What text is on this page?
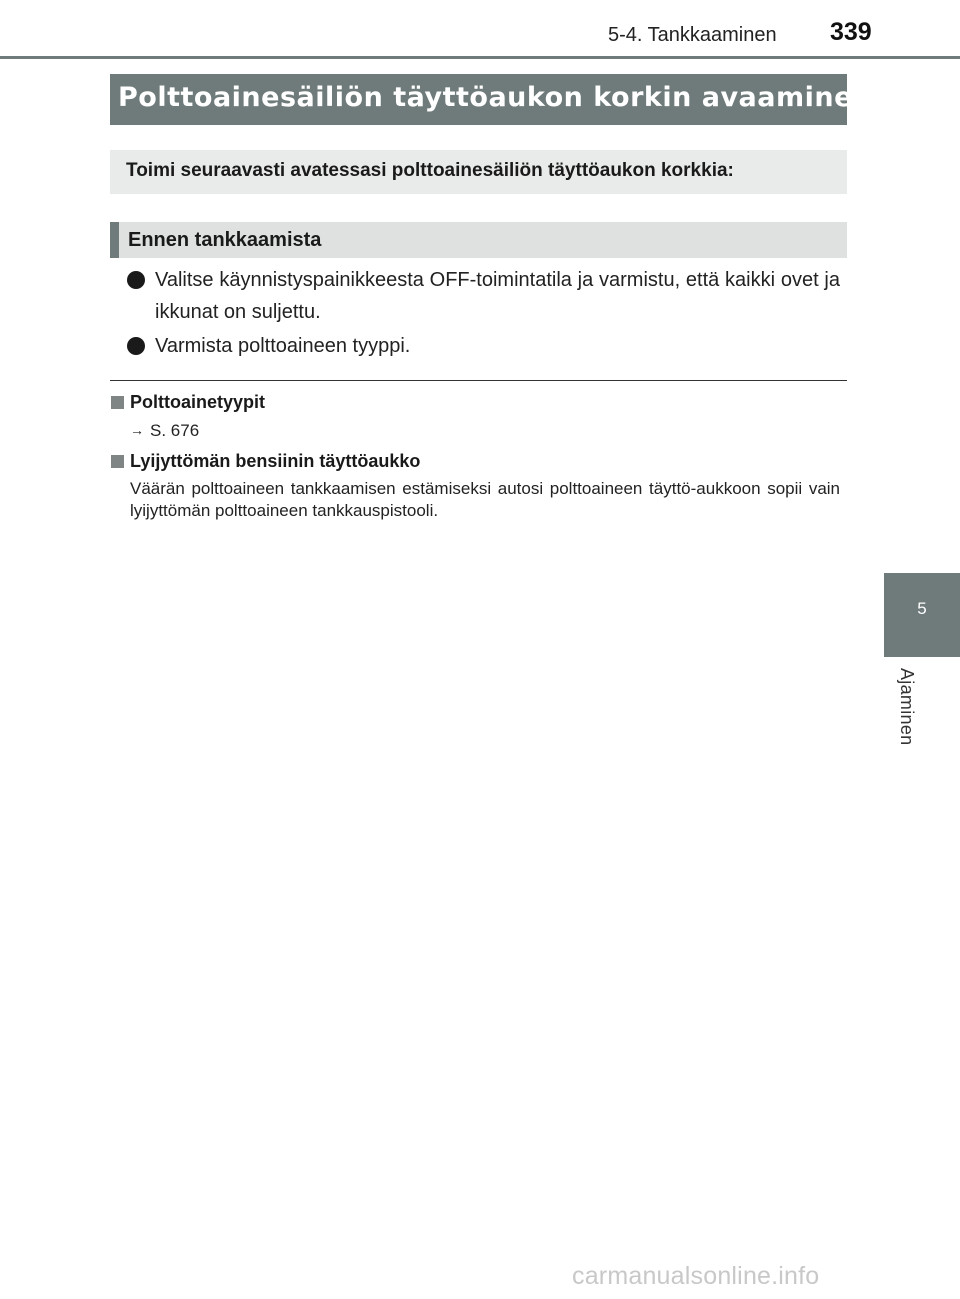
5-4. Tankkaaminen 339
Polttoainesäiliön täyttöaukon korkin avaaminen
Toimi seuraavasti avatessasi polttoainesäiliön täyttöaukon korkkia:
Ennen tankkaamista
Valitse käynnistyspainikkeesta OFF-toimintatila ja varmistu, että kaikki ovet ja ikkunat on suljettu.
Varmista polttoaineen tyyppi.
Polttoainetyypit
→ S. 676
Lyijyttömän bensiinin täyttöaukko
Väärän polttoaineen tankkaamisen estämiseksi autosi polttoaineen täyttö-aukkoon sopii vain lyijyttömän polttoaineen tankkauspistooli.
5
Ajaminen
carmanualsonline.info
